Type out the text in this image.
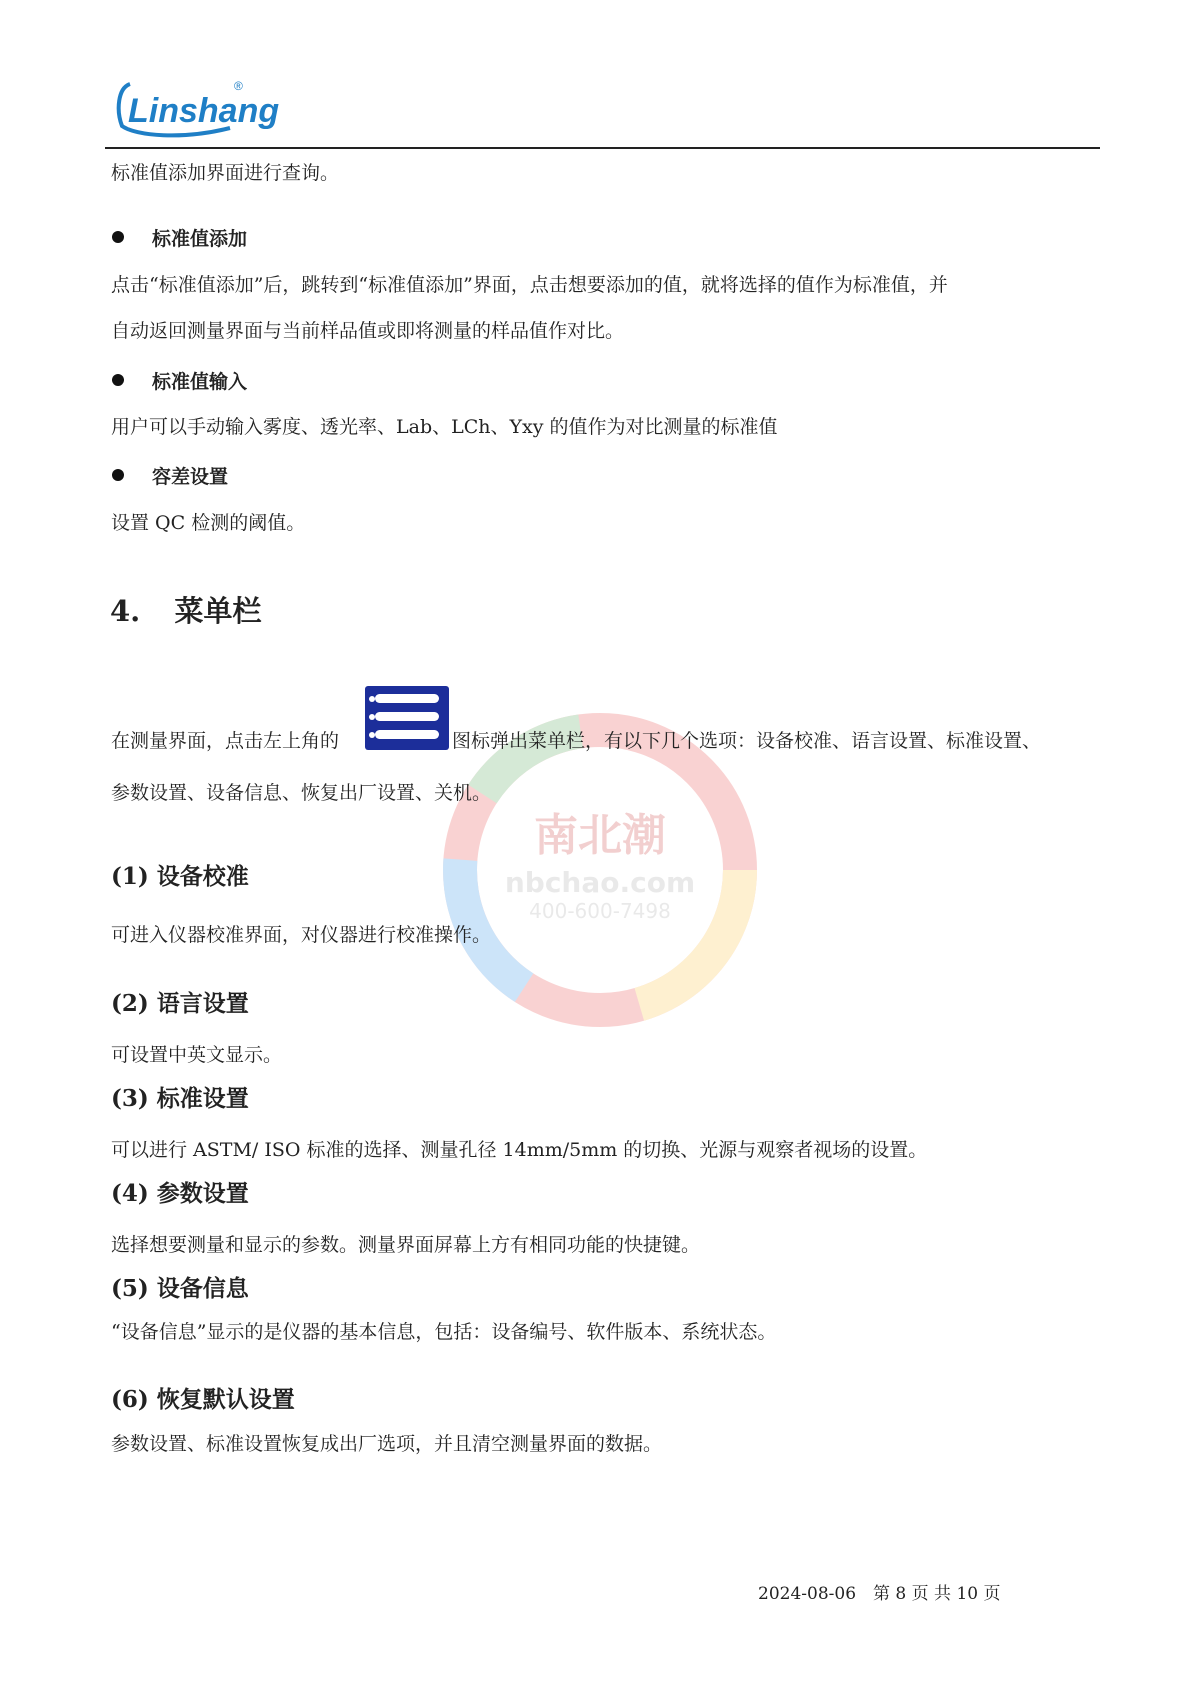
Linshang
®
南北潮
nbchao.com
400-600-7498
标准值添加界面进行查询。
标准值添加
点击“标准值添加”后，跳转到“标准值添加”界面，点击想要添加的值，就将选择的值作为标准值，并
自动返回测量界面与当前样品值或即将测量的样品值作对比。
标准值输入
用户可以手动输入雾度、透光率、Lab、LCh、Yxy 的值作为对比测量的标准值
容差设置
设置 QC 检测的阈值。
4. 菜单栏
在测量界面，点击左上角的	图标弹出菜单栏，有以下几个选项：设备校准、语言设置、标准设置、
参数设置、设备信息、恢复出厂设置、关机。
(1) 设备校准
可进入仪器校准界面，对仪器进行校准操作。
(2) 语言设置
可设置中英文显示。
(3) 标准设置
可以进行 ASTM/ ISO 标准的选择、测量孔径 14mm/5mm 的切换、光源与观察者视场的设置。
(4) 参数设置
选择想要测量和显示的参数。测量界面屏幕上方有相同功能的快捷键。
(5) 设备信息
“设备信息”显示的是仪器的基本信息，包括：设备编号、软件版本、系统状态。
(6) 恢复默认设置
参数设置、标准设置恢复成出厂选项，并且清空测量界面的数据。
2024-08-06　第 8 页 共 10 页
